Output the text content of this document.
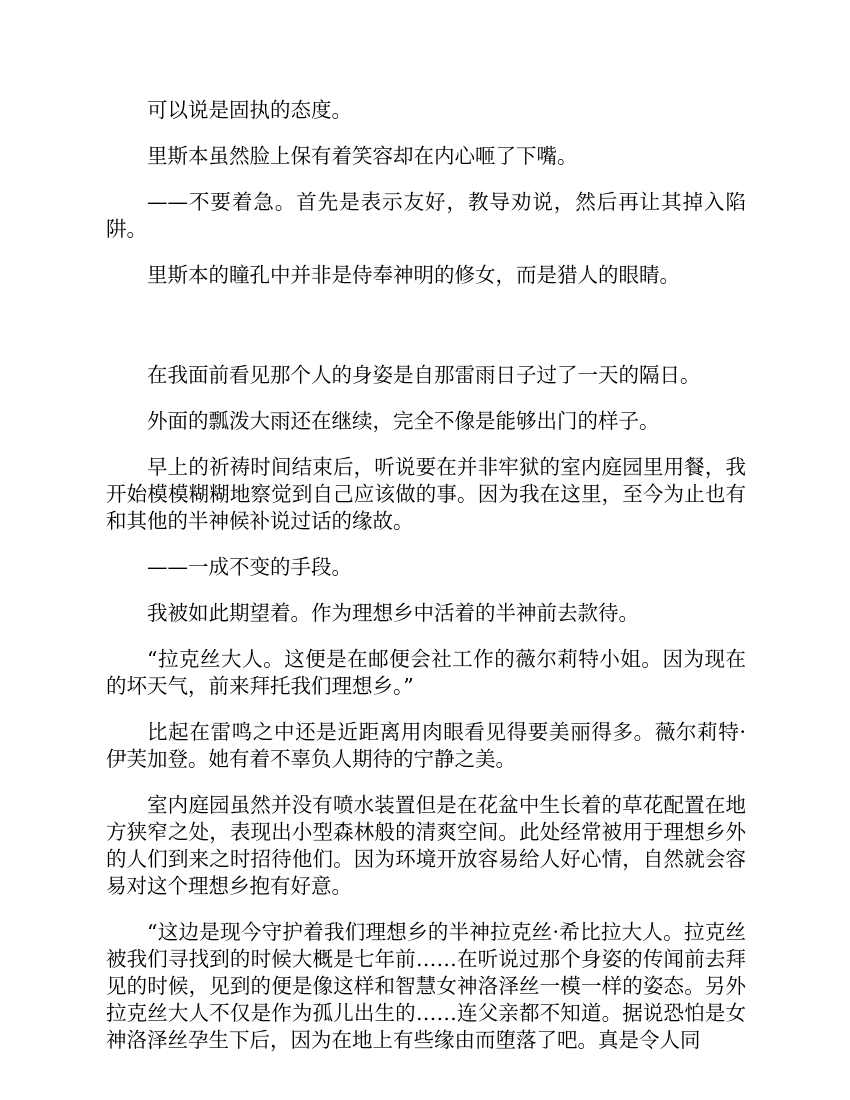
可以说是固执的态度。

里斯本虽然脸上保有着笑容却在内心咂了下嘴。

——不要着急。首先是表示友好，教导劝说，然后再让其掉入陷阱。

里斯本的瞳孔中并非是侍奉神明的修女，而是猎人的眼睛。

在我面前看见那个人的身姿是自那雷雨日子过了一天的隔日。

外面的瓢泼大雨还在继续，完全不像是能够出门的样子。

早上的祈祷时间结束后，听说要在并非牢狱的室内庭园里用餐，我开始模模糊糊地察觉到自己应该做的事。因为我在这里，至今为止也有和其他的半神候补说过话的缘故。

——一成不变的手段。

我被如此期望着。作为理想乡中活着的半神前去款待。

“拉克丝大人。这便是在邮便会社工作的薇尔莉特小姐。因为现在的坏天气，前来拜托我们理想乡。”

比起在雷鸣之中还是近距离用肉眼看见得要美丽得多。薇尔莉特·伊芙加登。她有着不辜负人期待的宁静之美。

室内庭园虽然并没有喷水装置但是在花盆中生长着的草花配置在地方狭窄之处，表现出小型森林般的清爽空间。此处经常被用于理想乡外的人们到来之时招待他们。因为环境开放容易给人好心情，自然就会容易对这个理想乡抱有好意。

“这边是现今守护着我们理想乡的半神拉克丝·希比拉大人。拉克丝被我们寻找到的时候大概是七年前……在听说过那个身姿的传闻前去拜见的时候，见到的便是像这样和智慧女神洛泽丝一模一样的姿态。另外拉克丝大人不仅是作为孤儿出生的……连父亲都不知道。据说恐怕是女神洛泽丝孕生下后，因为在地上有些缘由而堕落了吧。真是令人同
